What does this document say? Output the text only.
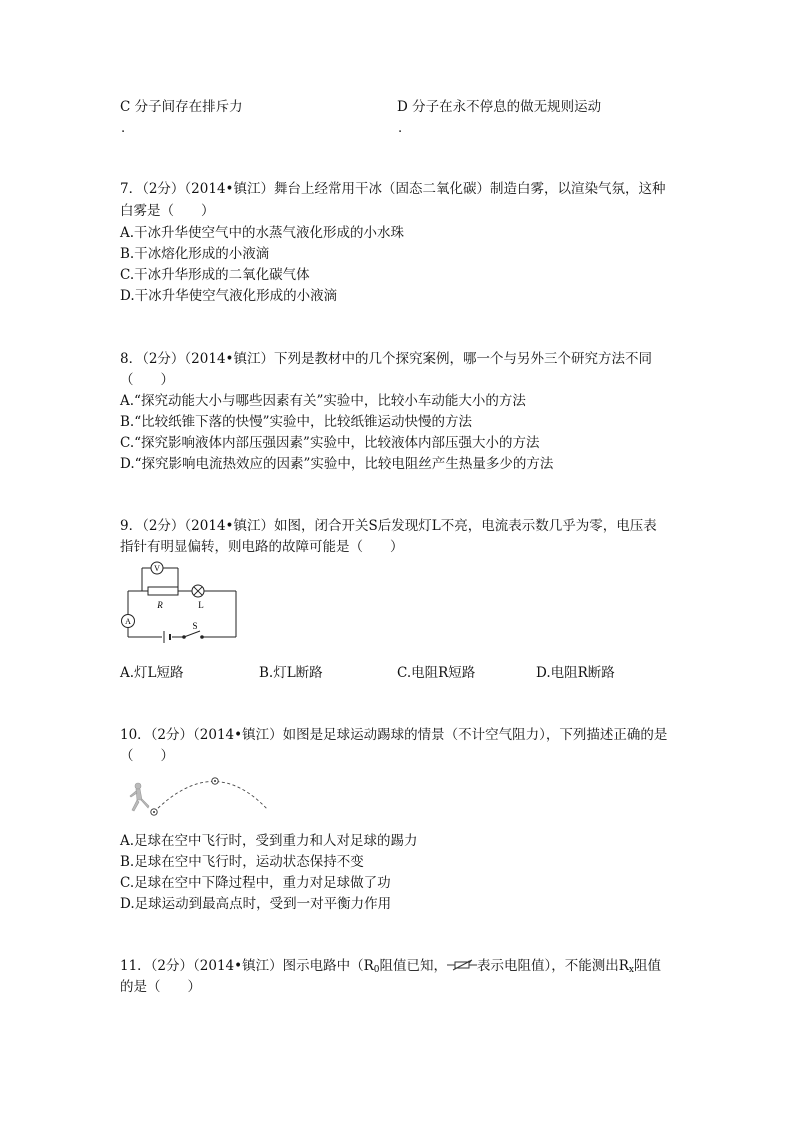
C 分子间存在排斥力
.
D 分子在永不停息的做无规则运动
.
7．（2分）（2014•镇江）舞台上经常用干冰（固态二氧化碳）制造白雾，以渲染气氛，这种
白雾是（　　）
A.干冰升华使空气中的水蒸气液化形成的小水珠
B.干冰熔化形成的小液滴
C.干冰升华形成的二氧化碳气体
D.干冰升华使空气液化形成的小液滴
8．（2分）（2014•镇江）下列是教材中的几个探究案例，哪一个与另外三个研究方法不同
（　　）
A.“探究动能大小与哪些因素有关”实验中，比较小车动能大小的方法
B.“比较纸锥下落的快慢”实验中，比较纸锥运动快慢的方法
C.“探究影响液体内部压强因素”实验中，比较液体内部压强大小的方法
D.“探究影响电流热效应的因素”实验中，比较电阻丝产生热量多少的方法
9．（2分）（2014•镇江）如图，闭合开关S后发现灯L不亮，电流表示数几乎为零，电压表
指针有明显偏转，则电路的故障可能是（　　）
V
R	L
A	S
A.灯L短路	B.灯L断路	C.电阻R短路	D.电阻R断路
10．（2分）（2014•镇江）如图是足球运动踢球的情景（不计空气阻力），下列描述正确的是
（　　）
A.足球在空中飞行时，受到重力和人对足球的踢力
B.足球在空中飞行时，运动状态保持不变
C.足球在空中下降过程中，重力对足球做了功
D.足球运动到最高点时，受到一对平衡力作用
11．（2分）（2014•镇江）图示电路中（$R_0$阻值已知， 表示电阻值），不能测出$R_x$阻值
的是（　　）
